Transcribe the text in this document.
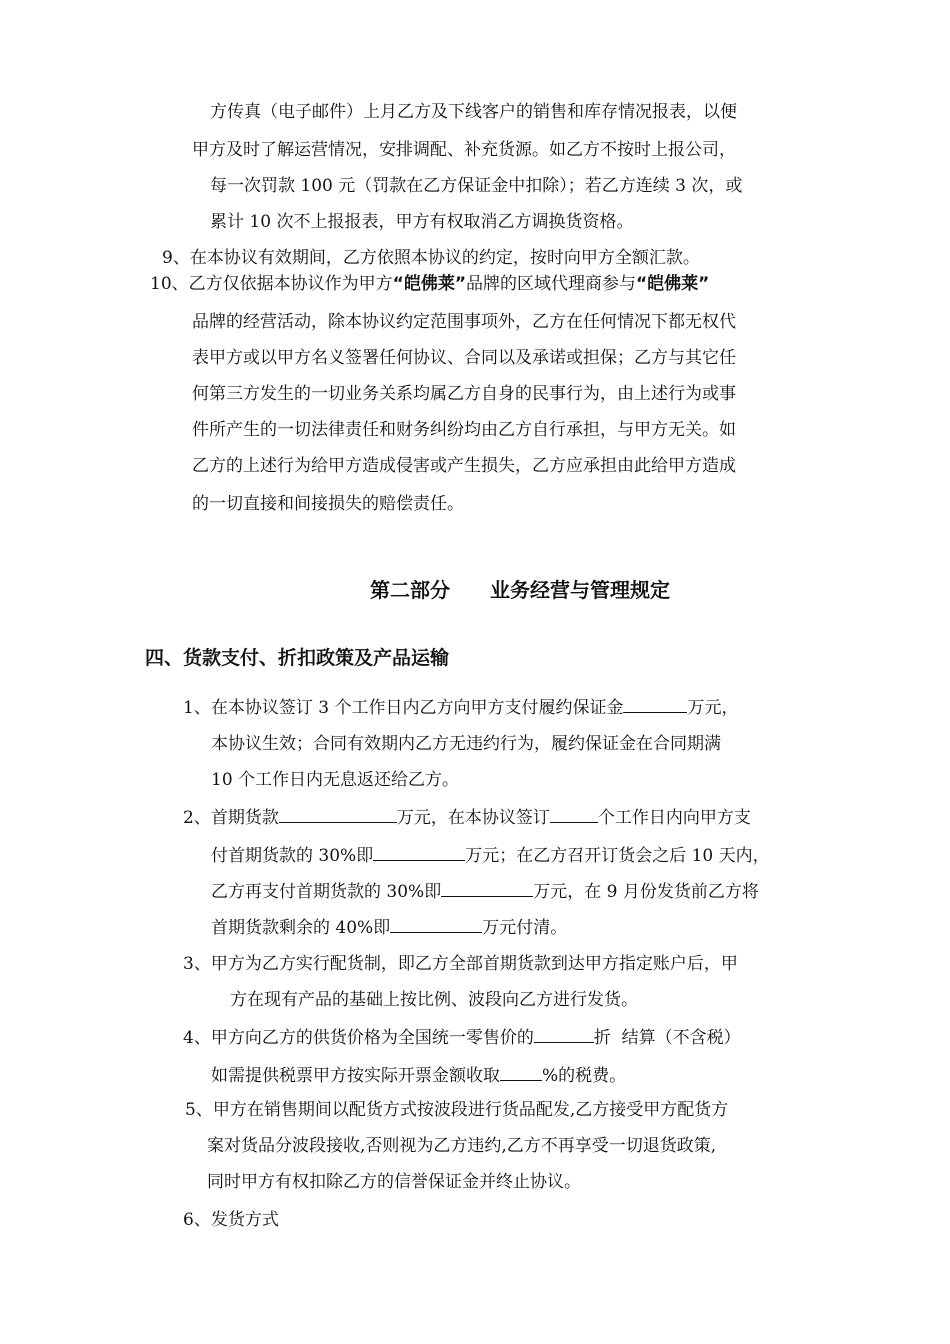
方传真（电子邮件）上月乙方及下线客户的销售和库存情况报表，以便
甲方及时了解运营情况，安排调配、补充货源。如乙方不按时上报公司，
每一次罚款 100 元（罚款在乙方保证金中扣除）；若乙方连续 3 次，或
累计 10 次不上报报表，甲方有权取消乙方调换货资格。
9、在本协议有效期间，乙方依照本协议的约定，按时向甲方全额汇款。
10、乙方仅依据本协议作为甲方“皑佛莱”品牌的区域代理商参与“皑佛莱”
品牌的经营活动，除本协议约定范围事项外，乙方在任何情况下都无权代
表甲方或以甲方名义签署任何协议、合同以及承诺或担保；乙方与其它任
何第三方发生的一切业务关系均属乙方自身的民事行为，由上述行为或事
件所产生的一切法律责任和财务纠纷均由乙方自行承担，与甲方无关。如
乙方的上述行为给甲方造成侵害或产生损失，乙方应承担由此给甲方造成
的一切直接和间接损失的赔偿责任。
第二部分　　业务经营与管理规定
四、货款支付、折扣政策及产品运输
1、在本协议签订 3 个工作日内乙方向甲方支付履约保证金	万元，
本协议生效；合同有效期内乙方无违约行为，履约保证金在合同期满
10 个工作日内无息返还给乙方。
2、首期货款	万元，在本协议签订	个工作日内向甲方支
付首期货款的 30%即	万元；在乙方召开订货会之后 10 天内，
乙方再支付首期货款的 30%即	万元，在 9 月份发货前乙方将
首期货款剩余的 40%即	万元付清。
3、甲方为乙方实行配货制，即乙方全部首期货款到达甲方指定账户后，甲
方在现有产品的基础上按比例、波段向乙方进行发货。
4、甲方向乙方的供货价格为全国统一零售价的	折  结算（不含税）
如需提供税票甲方按实际开票金额收取 %的税费。
5、甲方在销售期间以配货方式按波段进行货品配发,乙方接受甲方配货方
案对货品分波段接收,否则视为乙方违约,乙方不再享受一切退货政策,
同时甲方有权扣除乙方的信誉保证金并终止协议。
6、发货方式
